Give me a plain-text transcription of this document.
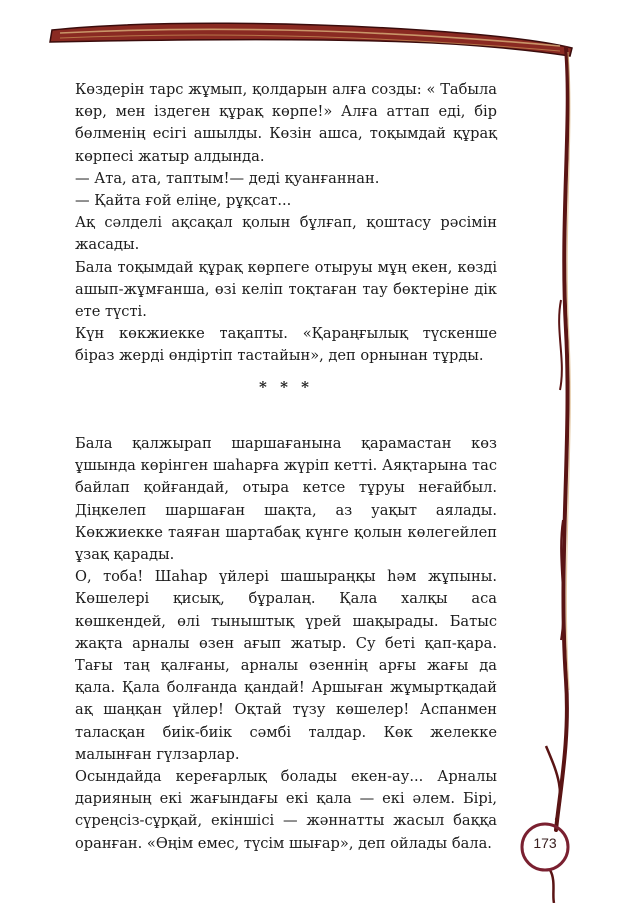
Көздерін тарс жұмып, қолдарын алға созды: « Табыла көр, мен іздеген құрақ көрпе!» Алға аттап еді, бір бөлменің есігі ашылды. Көзін ашса, тоқымдай құрақ көрпесі жатыр алдында.

— Ата, ата, таптым!— деді қуанғаннан.

— Қайта ғой еліңе, рұқсат...

Ақ сәлделі ақсақал қолын бұлғап, қоштасу рәсімін жасады.

Бала тоқымдай құрақ көрпеге отыруы мұң екен, көзді ашып-жұмғанша, өзі келіп тоқтаған тау бөктеріне дік ете түсті.

Күн көкжиекке тақапты. «Қараңғылық түскенше біраз жерді өндіртіп тастайын», деп орнынан тұрды.

* * *

Бала қалжырап шаршағанына қарамастан көз ұшында көрінген шаһарға жүріп кетті. Аяқтарына тас байлап қойғандай, отыра кетсе тұруы неғайбыл. Діңкелеп шаршаған шақта, аз уақыт аялады. Көкжиекке таяған шартабақ күнге қолын көлегейлеп ұзақ қарады.

О, тоба! Шаһар үйлері шашыраңқы һәм жұпыны. Көшелері қисық, бұралаң. Қала халқы аса көшкендей, өлі тыныштық үрей шақырады. Батыс жақта арналы өзен ағып жатыр. Су беті қап-қара. Тағы таң қалғаны, арналы өзеннің арғы жағы да қала. Қала болғанда қандай! Аршыған жұмыртқадай ақ шаңқан үйлер! Оқтай түзу көшелер! Аспанмен таласқан биік-биік сәмбі талдар. Көк желекке малынған гүлзарлар.

Осындайда кереғарлық болады екен-ау... Арналы дарияның екі жағындағы екі қала — екі әлем. Бірі, сүреңсіз-сұрқай, екіншісі — жәннатты жасыл баққа оранған. «Өңім емес, түсім шығар», деп ойлады бала.	173
